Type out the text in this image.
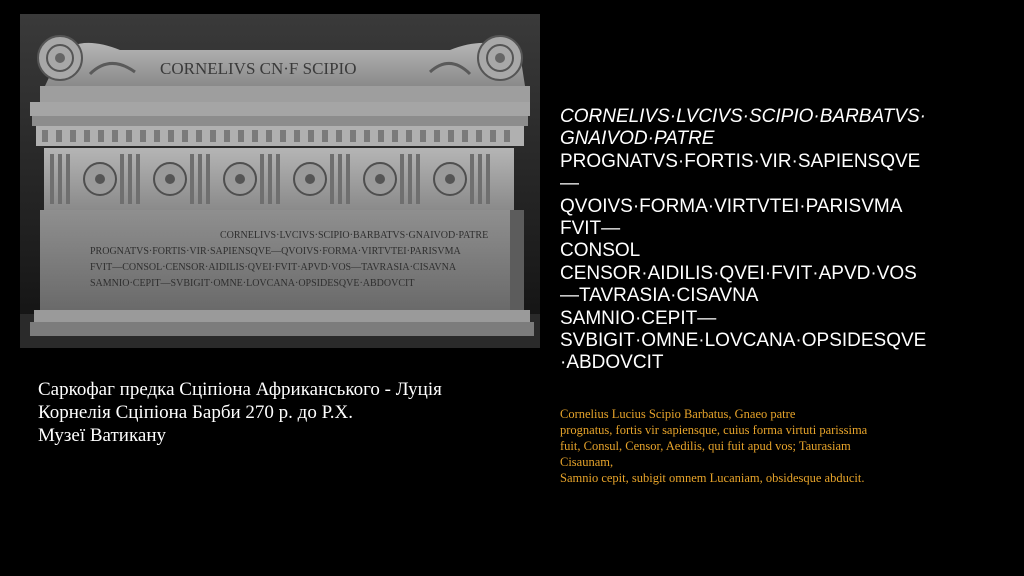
CORNELIVS CN·F SCIPIO
CORNELIVS·LVCIVS·SCIPIO·BARBATVS·GNAIVOD·PATRE
PROGNATVS·FORTIS·VIR·SAPIENSQVE—QVOIVS·FORMA·VIRTVTEI·PARISVMA
FVIT—CONSOL·CENSOR·AIDILIS·QVEI·FVIT·APVD·VOS—TAVRASIA·CISAVNA
SAMNIO·CEPIT—SVBIGIT·OMNE·LOVCANA·OPSIDESQVE·ABDOVCIT
Саркофаг предка Сціпіона Африканського - Луція
Корнелія Сціпіона Барби 270 р. до Р.Х.
Музеї Ватикану
CORNELIVS·LVCIVS·SCIPIO·BARBATVS·
GNAIVOD·PATRE
PROGNATVS·FORTIS·VIR·SAPIENSQVE
—
QVOIVS·FORMA·VIRTVTEI·PARISVMA
FVIT—
CONSOL
CENSOR·AIDILIS·QVEI·FVIT·APVD·VOS
—TAVRASIA·CISAVNA
SAMNIO·CEPIT—
SVBIGIT·OMNE·LOVCANA·OPSIDESQVE
·ABDOVCIT
Cornelius Lucius Scipio Barbatus, Gnaeo patre
prognatus, fortis vir sapiensque, cuius forma virtuti parissima
fuit, Consul, Censor, Aedilis, qui fuit apud vos; Taurasiam
Cisaunam,
Samnio cepit, subigit omnem Lucaniam, obsidesque abducit.
